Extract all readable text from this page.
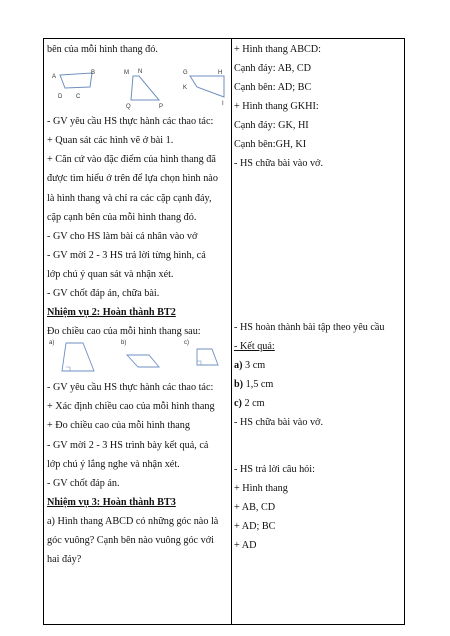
bên của mỗi hình thang đó.
A
B
D C
M N
Q	P
G	H
K
I
- GV yêu cầu HS thực hành các thao tác:
+ Quan sát các hình vẽ ở bài 1.
+ Căn cứ vào đặc điểm của hình thang đã
được tìm hiểu ở trên để lựa chọn hình nào
là hình thang và chỉ ra các cặp cạnh đáy,
cặp cạnh bên của mỗi hình thang đó.
- GV cho HS làm bài cá nhân vào vở
- GV mời 2 - 3 HS trả lời từng hình, cả
lớp chú ý quan sát và nhận xét.
- GV chốt đáp án, chữa bài.
Nhiệm vụ 2: Hoàn thành BT2
Đo chiều cao của mỗi hình thang sau:
a)	b)	c)
- GV yêu cầu HS thực hành các thao tác:
+ Xác định chiều cao của mỗi hình thang
+ Đo chiều cao của mỗi hình thang
- GV mời 2 - 3 HS trình bày kết quả, cả
lớp chú ý lắng nghe và nhận xét.
- GV chốt đáp án.
Nhiệm vụ 3: Hoàn thành BT3
a) Hình thang ABCD có những góc nào là
góc vuông? Cạnh bên nào vuông góc với
hai đáy?
+ Hình thang ABCD:
Cạnh đáy: AB, CD
Cạnh bên: AD; BC
+ Hình thang GKHI:
Cạnh đáy: GK, HI
Cạnh bên:GH, KI
- HS chữa bài vào vở.
- HS hoàn thành bài tập theo yêu cầu
- Kết quả:
a) 3 cm
b) 1,5 cm
c) 2 cm
- HS chữa bài vào vở.
- HS trả lời câu hỏi:
+ Hình thang
+ AB, CD
+ AD; BC
+ AD
